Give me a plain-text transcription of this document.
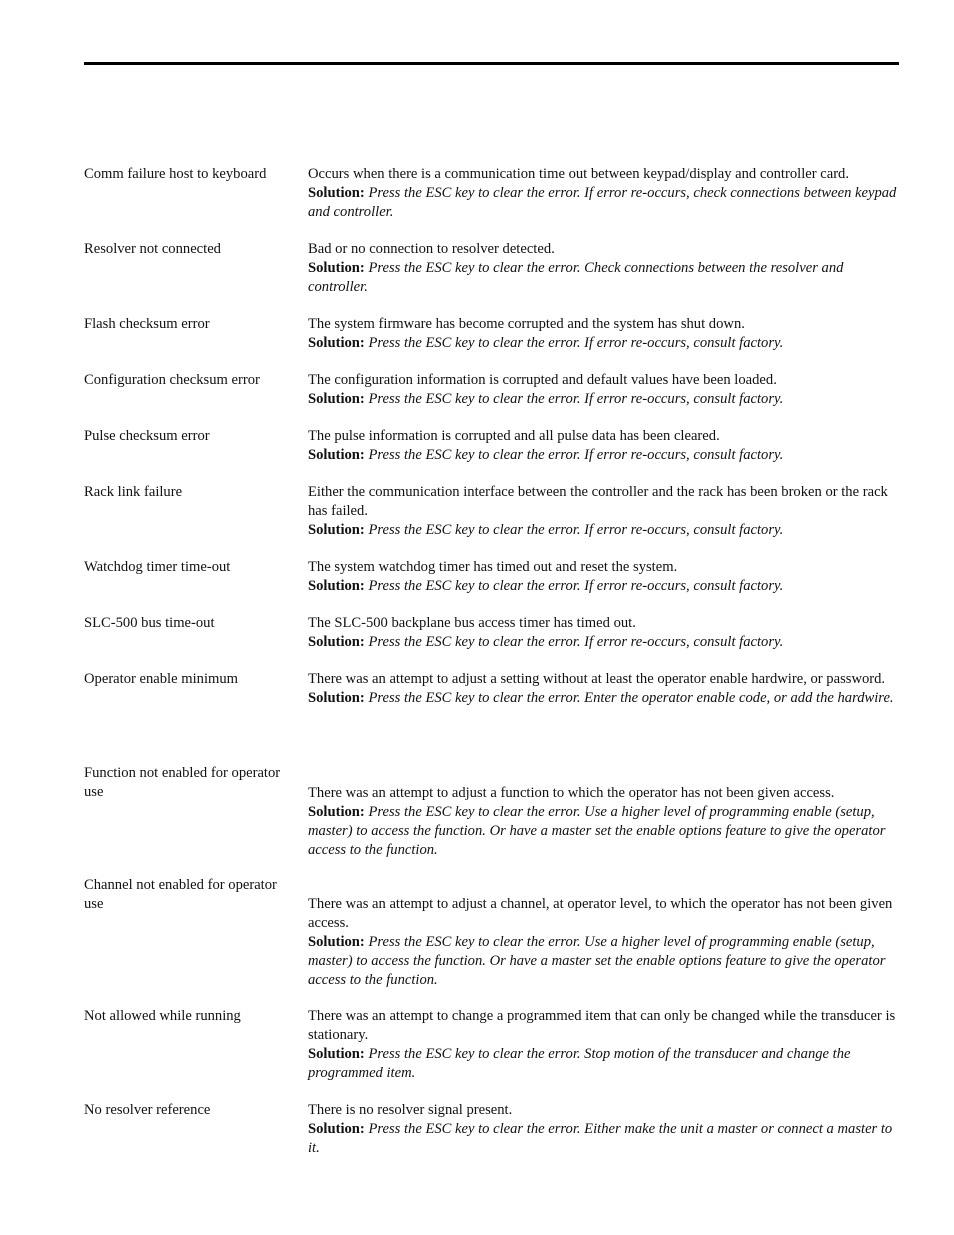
Comm failure host to keyboard	Occurs when there is a communication time out between keypad/display and controller card.
Solution: Press the ESC key to clear the error. If error re-occurs, check connections between keypad and controller.
Resolver not connected	Bad or no connection to resolver detected.
Solution: Press the ESC key to clear the error. Check connections between the resolver and controller.
Flash checksum error	The system firmware has become corrupted and the system has shut down.
Solution: Press the ESC key to clear the error. If error re-occurs, consult factory.
Configuration checksum error	The configuration information is corrupted and default values have been loaded.
Solution: Press the ESC key to clear the error. If error re-occurs, consult factory.
Pulse checksum error	The pulse information is corrupted and all pulse data has been cleared.
Solution: Press the ESC key to clear the error. If error re-occurs, consult factory.
Rack link failure	Either the communication interface between the controller and the rack has been broken or the rack has failed.
Solution: Press the ESC key to clear the error. If error re-occurs, consult factory.
Watchdog timer time-out	The system watchdog timer has timed out and reset the system.
Solution: Press the ESC key to clear the error. If error re-occurs, consult factory.
SLC-500 bus time-out	The SLC-500 backplane bus access timer has timed out.
Solution: Press the ESC key to clear the error. If error re-occurs, consult factory.
Operator enable minimum	There was an attempt to adjust a setting without at least the operator enable hardwire, or password.
Solution: Press the ESC key to clear the error. Enter the operator enable code, or add the hardwire.
Function not enabled for operator use	There was an attempt to adjust a function to which the operator has not been given access.
Solution: Press the ESC key to clear the error. Use a higher level of programming enable (setup, master) to access the function. Or have a master set the enable options feature to give the operator access to the function.
Channel not enabled for operator use	There was an attempt to adjust a channel, at operator level, to which the operator has not been given access.
Solution: Press the ESC key to clear the error. Use a higher level of programming enable (setup, master) to access the function. Or have a master set the enable options feature to give the operator access to the function.
Not allowed while running	There was an attempt to change a programmed item that can only be changed while the transducer is stationary.
Solution: Press the ESC key to clear the error. Stop motion of the transducer and change the programmed item.
No resolver reference	There is no resolver signal present.
Solution: Press the ESC key to clear the error. Either make the unit a master or connect a master to it.
